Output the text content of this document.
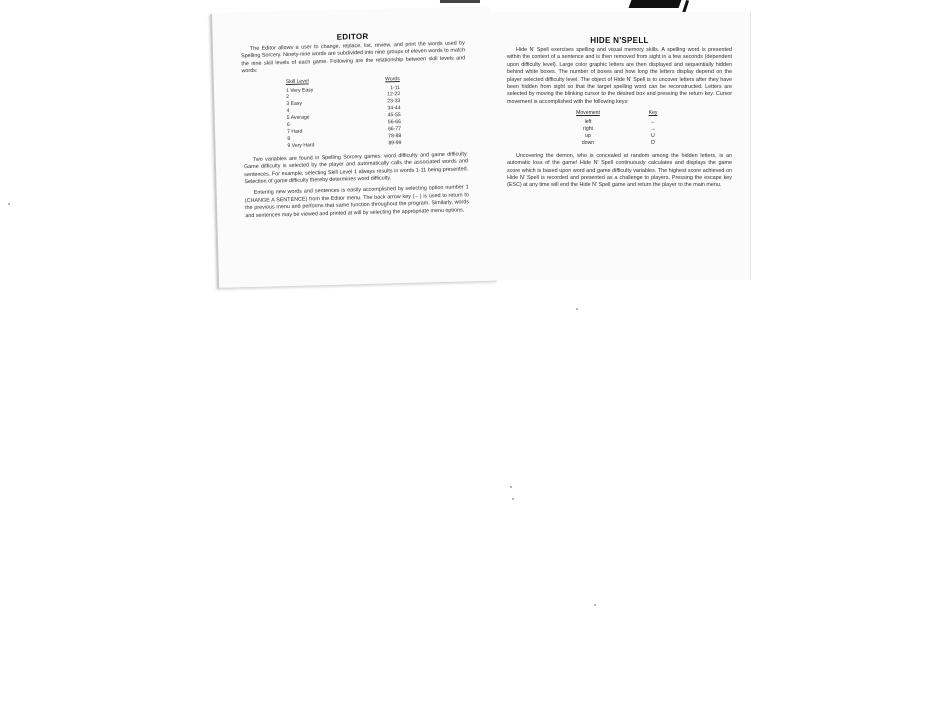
EDITOR

The Editor allows a user to change, replace, list, review, and print the words used by Spelling Sorcery. Ninety-nine words are subdivided into nine groups of eleven words to match the nine skill levels of each game. Following are the relationship between skill levels and words:

Skill Level	Words
1 Very Easy	1-11
2	12-22
3 Easy	23-33
4	34-44
5 Average	45-55
6	56-66
7 Hard	66-77
8	78-88
9 Very Hard	89-99

Two variables are found in Spelling Sorcery games: word difficulty and game difficulty. Game difficulty is selected by the player and automatically calls the associated words and sentences. For example, selecting Skill Level 1 always results in words 1-11 being presented. Selection of game difficulty thereby determines word difficulty.

Entering new words and sentences is easily accomplished by selecting option number 1 (CHANGE A SENTENCE) from the Editor menu. The back arrow key (←) is used to return to the previous menu and performs that same function throughout the program. Similarly, words and sentences may be viewed and printed at will by selecting the appropriate menu options.

HIDE N'SPELL

Hide N' Spell exercises spelling and visual memory skills. A spelling word is presented within the context of a sentence and is then removed from sight in a few seconds (dependent upon difficulty level). Large color graphic letters are then displayed and sequentially hidden behind white boxes. The number of boxes and how long the letters display depend on the player selected difficulty level. The object of Hide N' Spell is to uncover letters after they have been hidden from sight so that the target spelling word can be reconstructed. Letters are selected by moving the blinking cursor to the desired box and pressing the return key. Cursor movement is accomplished with the following keys:

Movement	Key
left	←
right	→
up	U
down	D

Uncovering the demon, who is concealed at random among the hidden letters, is an automatic loss of the game! Hide N' Spell continuously calculates and displays the game score which is based upon word and game difficulty variables. The highest score achieved on Hide N' Spell is recorded and presented as a challenge to players. Pressing the escape key (ESC) at any time will end the Hide N' Spell game and return the player to the main menu.
